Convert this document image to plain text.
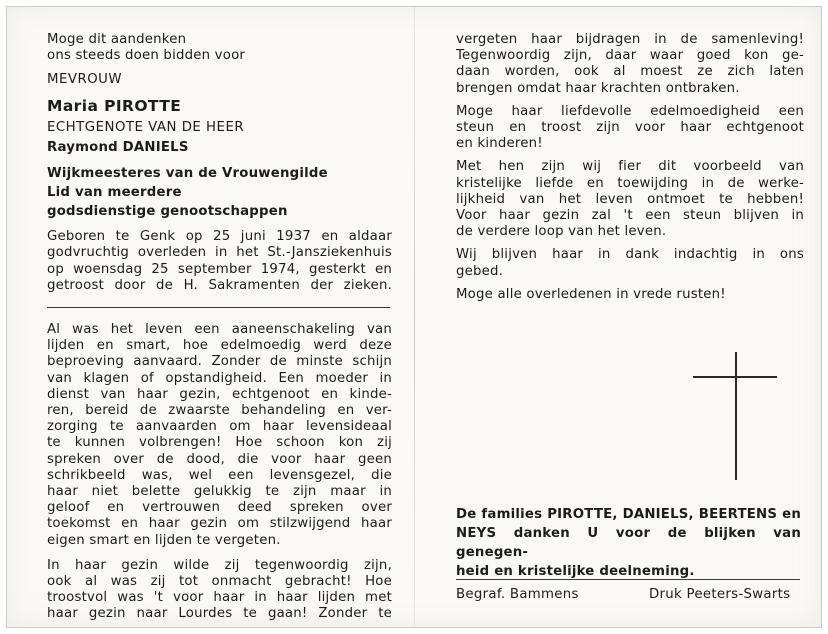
Moge dit aandenken

ons steeds doen bidden voor

MEVROUW

Maria PIROTTE

ECHTGENOTE VAN DE HEER

Raymond DANIELS

Wijkmeesteres van de Vrouwengilde

Lid van meerdere

godsdienstige genootschappen

Geboren te Genk op 25 juni 1937 en aldaar

godvruchtig overleden in het St.-Jansziekenhuis

op woensdag 25 september 1974, gesterkt en

getroost door de H. Sakramenten der zieken.

Al was het leven een aaneenschakeling van

lijden en smart, hoe edelmoedig werd deze

beproeving aanvaard. Zonder de minste schijn

van klagen of opstandigheid. Een moeder in

dienst van haar gezin, echtgenoot en kinde-

ren, bereid de zwaarste behandeling en ver-

zorging te aanvaarden om haar levensideaal

te kunnen volbrengen! Hoe schoon kon zij

spreken over de dood, die voor haar geen

schrikbeeld was, wel een levensgezel, die

haar niet belette gelukkig te zijn maar in

geloof en vertrouwen deed spreken over

toekomst en haar gezin om stilzwijgend haar

eigen smart en lijden te vergeten.

In haar gezin wilde zij tegenwoordig zijn,

ook al was zij tot onmacht gebracht! Hoe

troostvol was 't voor haar in haar lijden met

haar gezin naar Lourdes te gaan! Zonder te

vergeten haar bijdragen in de samenleving!

Tegenwoordig zijn, daar waar goed kon ge-

daan worden, ook al moest ze zich laten

brengen omdat haar krachten ontbraken.

Moge haar liefdevolle edelmoedigheid een

steun en troost zijn voor haar echtgenoot

en kinderen!

Met hen zijn wij fier dit voorbeeld van

kristelijke liefde en toewijding in de werke-

lijkheid van het leven ontmoet te hebben!

Voor haar gezin zal 't een steun blijven in

de verdere loop van het leven.

Wij blijven haar in dank indachtig in ons

gebed.

Moge alle overledenen in vrede rusten!

De families PIROTTE, DANIELS, BEERTENS en

NEYS danken U voor de blijken van genegen-

heid en kristelijke deelneming.

Begraf. Bammens	Druk Peeters-Swarts
